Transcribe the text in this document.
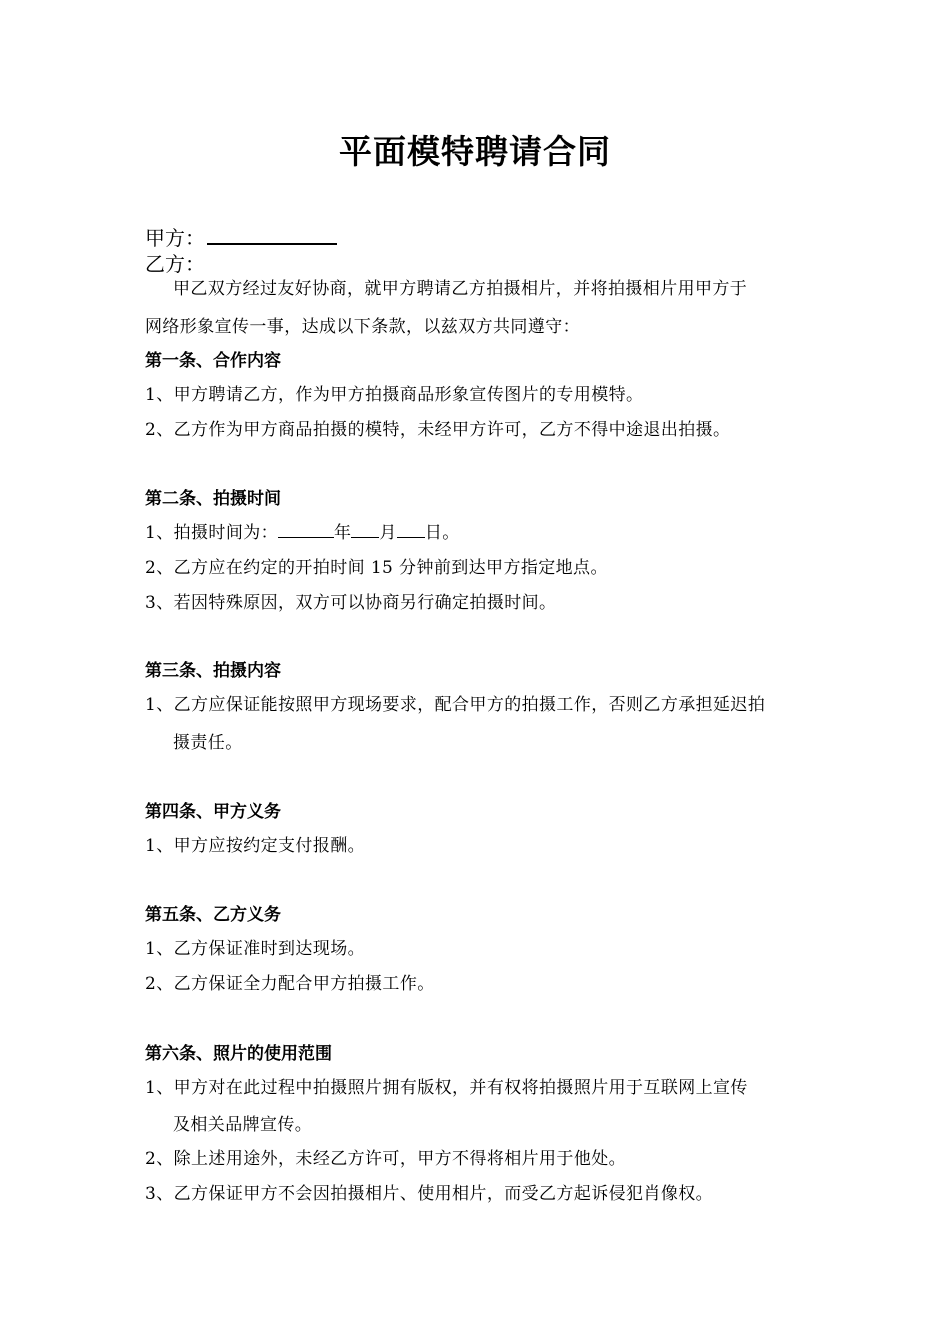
平面模特聘请合同
甲方：
乙方：
甲乙双方经过友好协商，就甲方聘请乙方拍摄相片，并将拍摄相片用甲方于
网络形象宣传一事，达成以下条款，以兹双方共同遵守：
第一条、合作内容
1、甲方聘请乙方，作为甲方拍摄商品形象宣传图片的专用模特。
2、乙方作为甲方商品拍摄的模特，未经甲方许可，乙方不得中途退出拍摄。
第二条、拍摄时间
1、拍摄时间为：	年 月 日。
2、乙方应在约定的开拍时间 15 分钟前到达甲方指定地点。
3、若因特殊原因，双方可以协商另行确定拍摄时间。
第三条、拍摄内容
1、乙方应保证能按照甲方现场要求，配合甲方的拍摄工作，否则乙方承担延迟拍
摄责任。
第四条、甲方义务
1、甲方应按约定支付报酬。
第五条、乙方义务
1、乙方保证准时到达现场。
2、乙方保证全力配合甲方拍摄工作。
第六条、照片的使用范围
1、甲方对在此过程中拍摄照片拥有版权，并有权将拍摄照片用于互联网上宣传
及相关品牌宣传。
2、除上述用途外，未经乙方许可，甲方不得将相片用于他处。
3、乙方保证甲方不会因拍摄相片、使用相片，而受乙方起诉侵犯肖像权。
